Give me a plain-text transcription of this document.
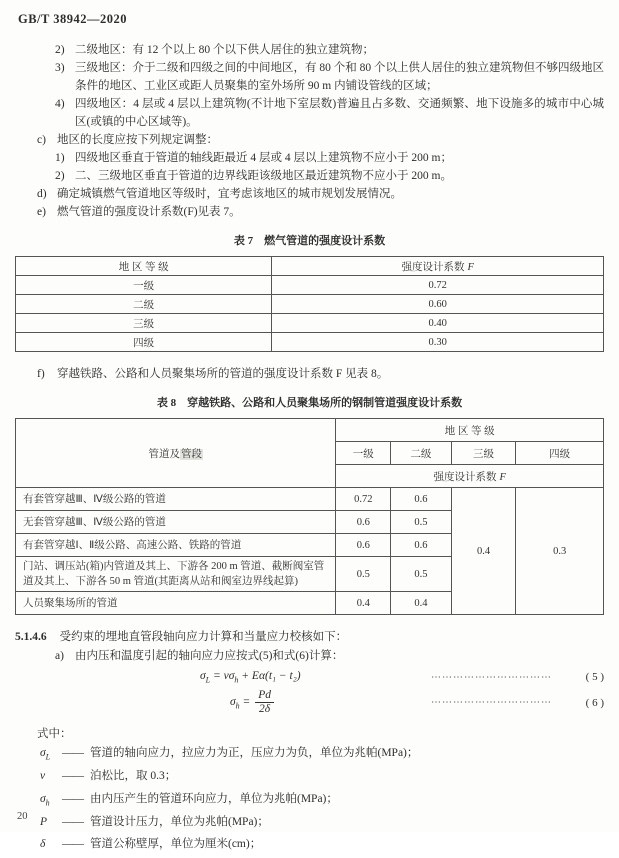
GB/T 38942—2020
2) 二级地区：有 12 个以上 80 个以下供人居住的独立建筑物；
3) 三级地区：介于二级和四级之间的中间地区，有 80 个和 80 个以上供人居住的独立建筑物但不够四级地区条件的地区、工业区或距人员聚集的室外场所 90 m 内铺设管线的区域；
4) 四级地区：4 层或 4 层以上建筑物(不计地下室层数)普遍且占多数、交通频繁、地下设施多的城市中心城区(或镇的中心区域等)。
c) 地区的长度应按下列规定调整：
1) 四级地区垂直于管道的轴线距最近 4 层或 4 层以上建筑物不应小于 200 m；
2) 二、三级地区垂直于管道的边界线距该级地区最近建筑物不应小于 200 m。
d) 确定城镇燃气管道地区等级时，宜考虑该地区的城市规划发展情况。
e) 燃气管道的强度设计系数(F)见表 7。
表 7　燃气管道的强度设计系数
地 区 等 级	强度设计系数 F
一级	0.72
二级	0.60
三级	0.40
四级	0.30
f)	穿越铁路、公路和人员聚集场所的管道的强度设计系数 F 见表 8。
表 8　穿越铁路、公路和人员聚集场所的钢制管道强度设计系数
管道及管段	地 区 等 级			
	一级	二级	三级	四级
	强度设计系数 F			
有套管穿越Ⅲ、Ⅳ级公路的管道	0.72	0.6	0.4	0.3
无套管穿越Ⅲ、Ⅳ级公路的管道	0.6	0.5		
有套管穿越Ⅰ、Ⅱ级公路、高速公路、铁路的管道	0.6	0.6		
门站、调压站(箱)内管道及其上、下游各 200 m 管道、截断阀室管道及其上、下游各 50 m 管道(其距离从站和阀室边界线起算)	0.5	0.5		
人员聚集场所的管道	0.4	0.4		
5.1.4.6 受约束的埋地直管段轴向应力计算和当量应力校核如下：
a) 由内压和温度引起的轴向应力应按式(5)和式(6)计算：
$\sigma_L = \nu\sigma_h + E\alpha(t_1 - t_2)$	⋯⋯⋯⋯⋯⋯⋯⋯⋯⋯⋯	( 5 )
$\sigma_h = \frac{Pd}{2\delta}$	⋯⋯⋯⋯⋯⋯⋯⋯⋯⋯⋯	( 6 )
式中：
$\sigma_L$	—— 管道的轴向应力，拉应力为正，压应力为负，单位为兆帕(MPa)；
ν	—— 泊松比，取 0.3；
$\sigma_h$	—— 由内压产生的管道环向应力，单位为兆帕(MPa)；
P	—— 管道设计压力，单位为兆帕(MPa)；
δ	—— 管道公称壁厚，单位为厘米(cm)；
20
